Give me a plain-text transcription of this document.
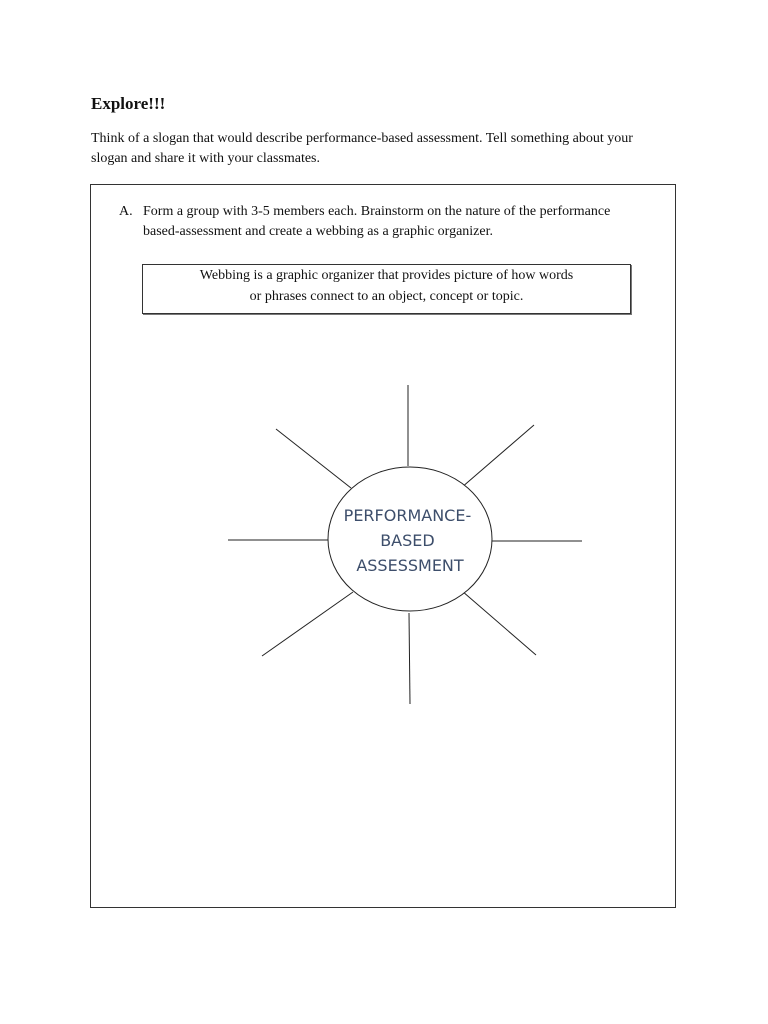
Explore!!!

Think of a slogan that would describe performance-based assessment. Tell something about your
slogan and share it with your classmates.

A. Form a group with 3-5 members each. Brainstorm on the nature of the performance
based-assessment and create a webbing as a graphic organizer.

Webbing is a graphic organizer that provides picture of how words
or phrases connect to an object, concept or topic.
PERFORMANCE- BASED ASSESSMENT
